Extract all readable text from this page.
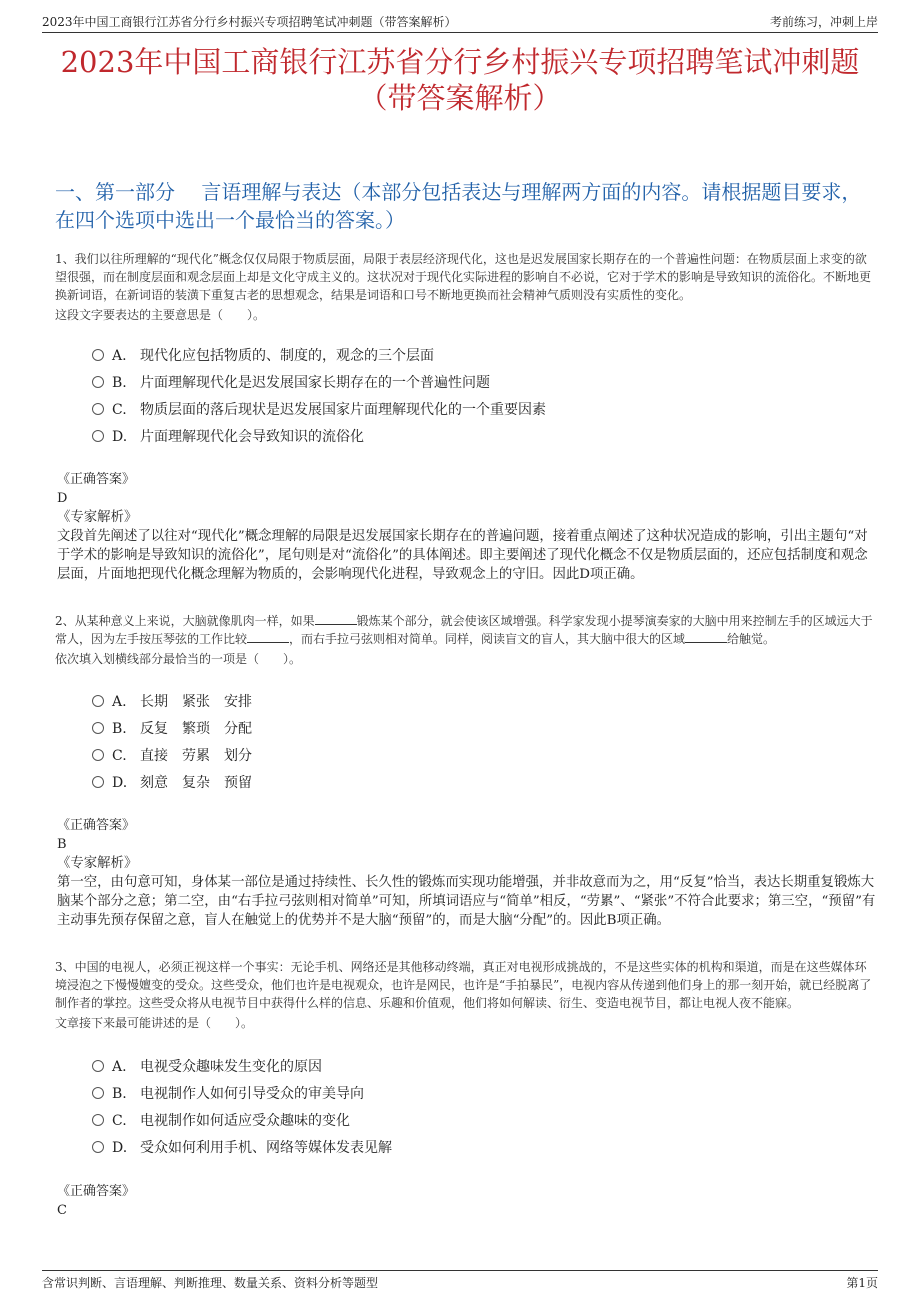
2023年中国工商银行江苏省分行乡村振兴专项招聘笔试冲刺题（带答案解析）	考前练习，冲刺上岸
2023年中国工商银行江苏省分行乡村振兴专项招聘笔试冲刺题
（带答案解析）
一、第一部分　 言语理解与表达（本部分包括表达与理解两方面的内容。请根据题目要求，在四个选项中选出一个最恰当的答案。）
1、我们以往所理解的“现代化”概念仅仅局限于物质层面，局限于表层经济现代化，这也是迟发展国家长期存在的一个普遍性问题：在物质层面上求变的欲望很强，而在制度层面和观念层面上却是文化守成主义的。这状况对于现代化实际进程的影响自不必说，它对于学术的影响是导致知识的流俗化。不断地更换新词语，在新词语的装潢下重复古老的思想观念，结果是词语和口号不断地更换而社会精神气质则没有实质性的变化。
这段文字要表达的主要意思是（　　）。
A. 现代化应包括物质的、制度的，观念的三个层面
B. 片面理解现代化是迟发展国家长期存在的一个普遍性问题
C. 物质层面的落后现状是迟发展国家片面理解现代化的一个重要因素
D. 片面理解现代化会导致知识的流俗化
《正确答案》
D
《专家解析》
文段首先阐述了以往对“现代化”概念理解的局限是迟发展国家长期存在的普遍问题，接着重点阐述了这种状况造成的影响，引出主题句“对于学术的影响是导致知识的流俗化”，尾句则是对“流俗化”的具体阐述。即主要阐述了现代化概念不仅是物质层面的，还应包括制度和观念层面，片面地把现代化概念理解为物质的，会影响现代化进程，导致观念上的守旧。因此D项正确。
2、从某种意义上来说，大脑就像肌肉一样，如果	锻炼某个部分，就会使该区域增强。科学家发现小提琴演奏家的大脑中用来控制左手的区域远大于常人，因为左手按压琴弦的工作比较	，而右手拉弓弦则相对简单。同样，阅读盲文的盲人，其大脑中很大的区域	给触觉。
依次填入划横线部分最恰当的一项是（　　）。
A. 长期　紧张　安排
B. 反复　繁琐　分配
C. 直接　劳累　划分
D. 刻意　复杂　预留
《正确答案》
B
《专家解析》
第一空，由句意可知，身体某一部位是通过持续性、长久性的锻炼而实现功能增强，并非故意而为之，用“反复”恰当，表达长期重复锻炼大脑某个部分之意；第二空，由“右手拉弓弦则相对简单”可知，所填词语应与“简单”相反，“劳累”、“紧张”不符合此要求；第三空，“预留”有主动事先预存保留之意，盲人在触觉上的优势并不是大脑“预留”的，而是大脑“分配”的。因此B项正确。
3、中国的电视人，必须正视这样一个事实：无论手机、网络还是其他移动终端，真正对电视形成挑战的，不是这些实体的机构和渠道，而是在这些媒体环境浸泡之下慢慢嬗变的受众。这些受众，他们也许是电视观众，也许是网民，也许是“手拍暴民”，电视内容从传递到他们身上的那一刻开始，就已经脱离了制作者的掌控。这些受众将从电视节目中获得什么样的信息、乐趣和价值观，他们将如何解读、衍生、变造电视节目，都让电视人夜不能寐。
文章接下来最可能讲述的是（　　）。
A. 电视受众趣味发生变化的原因
B. 电视制作人如何引导受众的审美导向
C. 电视制作如何适应受众趣味的变化
D. 受众如何利用手机、网络等媒体发表见解
《正确答案》
C
含常识判断、言语理解、判断推理、数量关系、资料分析等题型	第1页
